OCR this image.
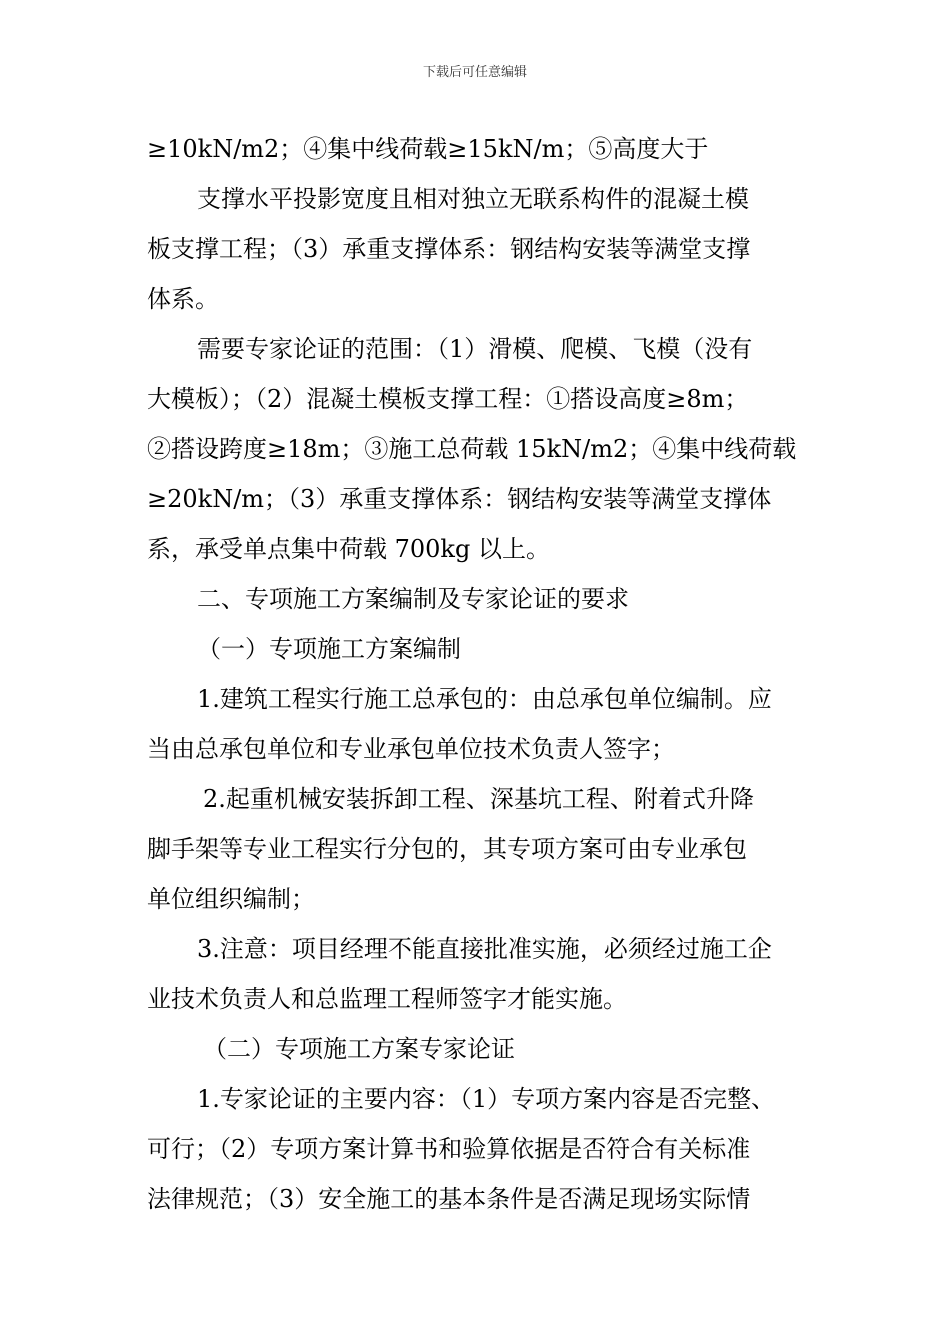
下载后可任意编辑
≥10kN/m2；④集中线荷载≥15kN/m；⑤高度大于
支撑水平投影宽度且相对独立无联系构件的混凝土模
板支撑工程；（3）承重支撑体系：钢结构安装等满堂支撑
体系。
需要专家论证的范围：（1）滑模、爬模、飞模（没有
大模板）；（2）混凝土模板支撑工程：①搭设高度≥8m；
②搭设跨度≥18m；③施工总荷载 15kN/m2；④集中线荷载
≥20kN/m；（3）承重支撑体系：钢结构安装等满堂支撑体
系，承受单点集中荷载 700kg 以上。
二、专项施工方案编制及专家论证的要求
（一）专项施工方案编制
1.建筑工程实行施工总承包的：由总承包单位编制。应
当由总承包单位和专业承包单位技术负责人签字；
2.起重机械安装拆卸工程、深基坑工程、附着式升降
脚手架等专业工程实行分包的，其专项方案可由专业承包
单位组织编制；
3.注意：项目经理不能直接批准实施，必须经过施工企
业技术负责人和总监理工程师签字才能实施。
（二）专项施工方案专家论证
1.专家论证的主要内容：（1）专项方案内容是否完整、
可行；（2）专项方案计算书和验算依据是否符合有关标准
法律规范；（3）安全施工的基本条件是否满足现场实际情
